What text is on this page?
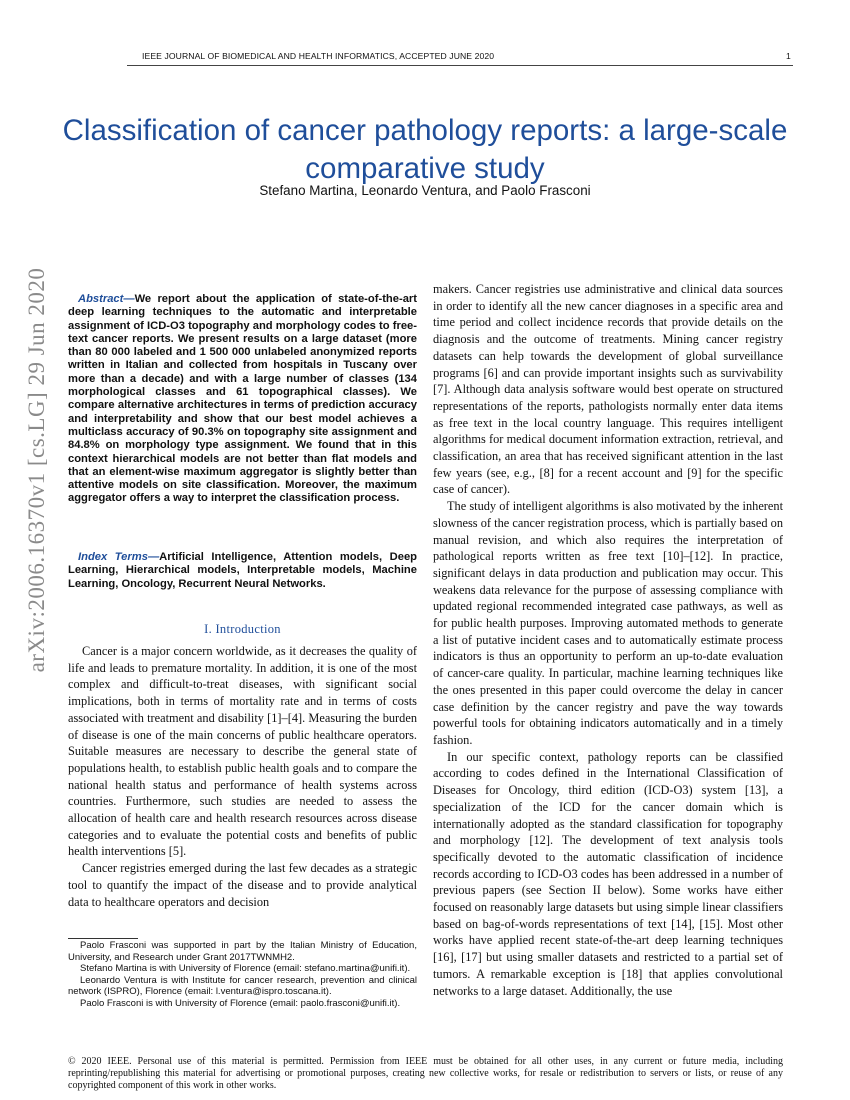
IEEE JOURNAL OF BIOMEDICAL AND HEALTH INFORMATICS, ACCEPTED JUNE 2020	1
Classification of cancer pathology reports: a large-scale comparative study
Stefano Martina, Leonardo Ventura, and Paolo Frasconi
arXiv:2006.16370v1 [cs.LG] 29 Jun 2020	Abstract—We report about the application of state-of-the-art deep learning techniques to the automatic and interpretable assignment of ICD-O3 topography and morphology codes to free-text cancer reports. We present results on a large dataset (more than 80 000 labeled and 1 500 000 unlabeled anonymized reports written in Italian and collected from hospitals in Tuscany over more than a decade) and with a large number of classes (134 morphological classes and 61 topographical classes). We compare alternative architectures in terms of prediction accuracy and interpretability and show that our best model achieves a multiclass accuracy of 90.3% on topography site assignment and 84.8% on morphology type assignment. We found that in this context hierarchical models are not better than flat models and that an element-wise maximum aggregator is slightly better than attentive models on site classification. Moreover, the maximum aggregator offers a way to interpret the classification process.
Index Terms—Artificial Intelligence, Attention models, Deep Learning, Hierarchical models, Interpretable models, Machine Learning, Oncology, Recurrent Neural Networks.
I. Introduction

Cancer is a major concern worldwide, as it decreases the quality of life and leads to premature mortality. In addition, it is one of the most complex and difficult-to-treat diseases, with significant social implications, both in terms of mortality rate and in terms of costs associated with treatment and disability [1]–[4]. Measuring the burden of disease is one of the main concerns of public healthcare operators. Suitable measures are necessary to describe the general state of populations health, to establish public health goals and to compare the national health status and performance of health systems across countries. Furthermore, such studies are needed to assess the allocation of health care and health research resources across disease categories and to evaluate the potential costs and benefits of public health interventions [5].

Cancer registries emerged during the last few decades as a strategic tool to quantify the impact of the disease and to provide analytical data to healthcare operators and decision

Paolo Frasconi was supported in part by the Italian Ministry of Education, University, and Research under Grant 2017TWNMH2.

Stefano Martina is with University of Florence (email: stefano.martina@unifi.it).

Leonardo Ventura is with Institute for cancer research, prevention and clinical network (ISPRO), Florence (email: l.ventura@ispro.toscana.it).

Paolo Frasconi is with University of Florence (email: paolo.frasconi@unifi.it).

makers. Cancer registries use administrative and clinical data sources in order to identify all the new cancer diagnoses in a specific area and time period and collect incidence records that provide details on the diagnosis and the outcome of treatments. Mining cancer registry datasets can help towards the development of global surveillance programs [6] and can provide important insights such as survivability [7]. Although data analysis software would best operate on structured representations of the reports, pathologists normally enter data items as free text in the local country language. This requires intelligent algorithms for medical document information extraction, retrieval, and classification, an area that has received significant attention in the last few years (see, e.g., [8] for a recent account and [9] for the specific case of cancer).

The study of intelligent algorithms is also motivated by the inherent slowness of the cancer registration process, which is partially based on manual revision, and which also requires the interpretation of pathological reports written as free text [10]–[12]. In practice, significant delays in data production and publication may occur. This weakens data relevance for the purpose of assessing compliance with updated regional recommended integrated case pathways, as well as for public health purposes. Improving automated methods to generate a list of putative incident cases and to automatically estimate process indicators is thus an opportunity to perform an up-to-date evaluation of cancer-care quality. In particular, machine learning techniques like the ones presented in this paper could overcome the delay in cancer case definition by the cancer registry and pave the way towards powerful tools for obtaining indicators automatically and in a timely fashion.

In our specific context, pathology reports can be classified according to codes defined in the International Classification of Diseases for Oncology, third edition (ICD-O3) system [13], a specialization of the ICD for the cancer domain which is internationally adopted as the standard classification for topography and morphology [12]. The development of text analysis tools specifically devoted to the automatic classification of incidence records according to ICD-O3 codes has been addressed in a number of previous papers (see Section II below). Some works have either focused on reasonably large datasets but using simple linear classifiers based on bag-of-words representations of text [14], [15]. Most other works have applied recent state-of-the-art deep learning techniques [16], [17] but using smaller datasets and restricted to a partial set of tumors. A remarkable exception is [18] that applies convolutional networks to a large dataset. Additionally, the use

© 2020 IEEE. Personal use of this material is permitted. Permission from IEEE must be obtained for all other uses, in any current or future media, including reprinting/republishing this material for advertising or promotional purposes, creating new collective works, for resale or redistribution to servers or lists, or reuse of any copyrighted component of this work in other works.
